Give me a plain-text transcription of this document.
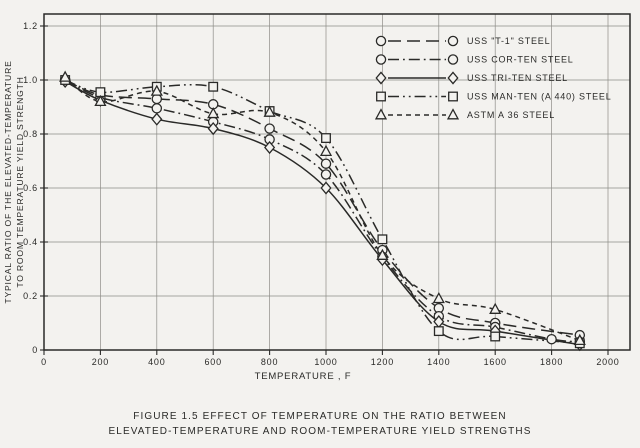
0	200	400	600	800	1000	1200	1400	1600	1800	2000
TEMPERATURE , F
0
0.2
0.4
0.6
0.8
1.0
1.2
TYPICAL RATIO OF THE ELEVATED-TEMPERATURE TO ROOM TEMPERATURE YIELD STRENGTH
USS "T-1" STEEL
USS COR-TEN STEEL
USS TRI-TEN STEEL
USS MAN-TEN (A 440) STEEL
ASTM A 36 STEEL
FIGURE 1.5 EFFECT OF TEMPERATURE ON THE RATIO BETWEEN
ELEVATED-TEMPERATURE AND ROOM-TEMPERATURE YIELD STRENGTHS
